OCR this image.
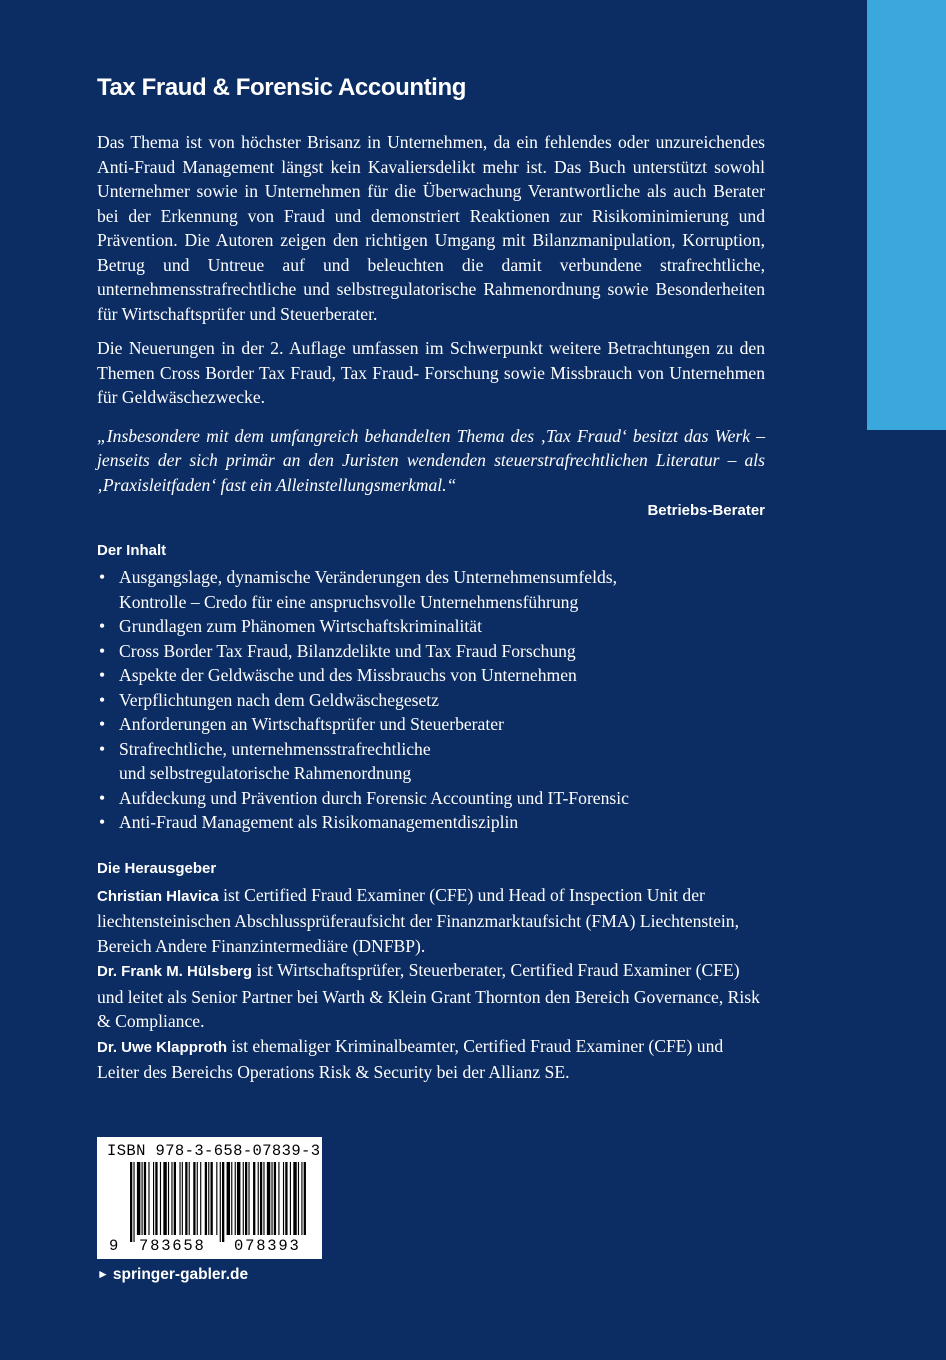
Tax Fraud & Forensic Accounting

Das Thema ist von höchster Brisanz in Unternehmen, da ein fehlendes oder unzureichendes Anti-Fraud Management längst kein Kavaliersdelikt mehr ist. Das Buch unterstützt sowohl Unternehmer sowie in Unternehmen für die Überwachung Verantwortliche als auch Berater bei der Erkennung von Fraud und demonstriert Reaktionen zur Risikominimierung und Prävention. Die Autoren zeigen den richtigen Umgang mit Bilanzmanipulation, Korruption, Betrug und Untreue auf und beleuchten die damit verbundene strafrechtliche, unternehmensstrafrechtliche und selbstregulatorische Rahmenordnung sowie Besonderheiten für Wirtschaftsprüfer und Steuerberater.

Die Neuerungen in der 2. Auflage umfassen im Schwerpunkt weitere Betrachtungen zu den Themen Cross Border Tax Fraud, Tax Fraud- Forschung sowie Missbrauch von Unternehmen für Geldwäschezwecke.

„Insbesondere mit dem umfangreich behandelten Thema des ‚Tax Fraud‘ besitzt das Werk – jenseits der sich primär an den Juristen wendenden steuerstrafrechtlichen Literatur – als ‚Praxisleitfaden‘ fast ein Alleinstellungsmerkmal.“

Betriebs-Berater
Der Inhalt
• Ausgangslage, dynamische Veränderungen des Unternehmensumfelds,
Kontrolle – Credo für eine anspruchsvolle Unternehmensführung
• Grundlagen zum Phänomen Wirtschaftskriminalität
• Cross Border Tax Fraud, Bilanzdelikte und Tax Fraud Forschung
• Aspekte der Geldwäsche und des Missbrauchs von Unternehmen
• Verpflichtungen nach dem Geldwäschegesetz
• Anforderungen an Wirtschaftsprüfer und Steuerberater
• Strafrechtliche, unternehmensstrafrechtliche
und selbstregulatorische Rahmenordnung
• Aufdeckung und Prävention durch Forensic Accounting und IT-Forensic
• Anti-Fraud Management als Risikomanagementdisziplin
Die Herausgeber

Christian Hlavica ist Certified Fraud Examiner (CFE) und Head of Inspection Unit der liechtensteinischen Abschlussprüferaufsicht der Finanzmarktaufsicht (FMA) Liechtenstein, Bereich Andere Finanzintermediäre (DNFBP).

Dr. Frank M. Hülsberg ist Wirtschaftsprüfer, Steuerberater, Certified Fraud Examiner (CFE) und leitet als Senior Partner bei Warth & Klein Grant Thornton den Bereich Governance, Risk & Compliance.

Dr. Uwe Klapproth ist ehemaliger Kriminalbeamter, Certified Fraud Examiner (CFE) und Leiter des Bereichs Operations Risk & Security bei der Allianz SE.

ISBN 978-3-658-07839-3
9 783658 078393
► springer-gabler.de
